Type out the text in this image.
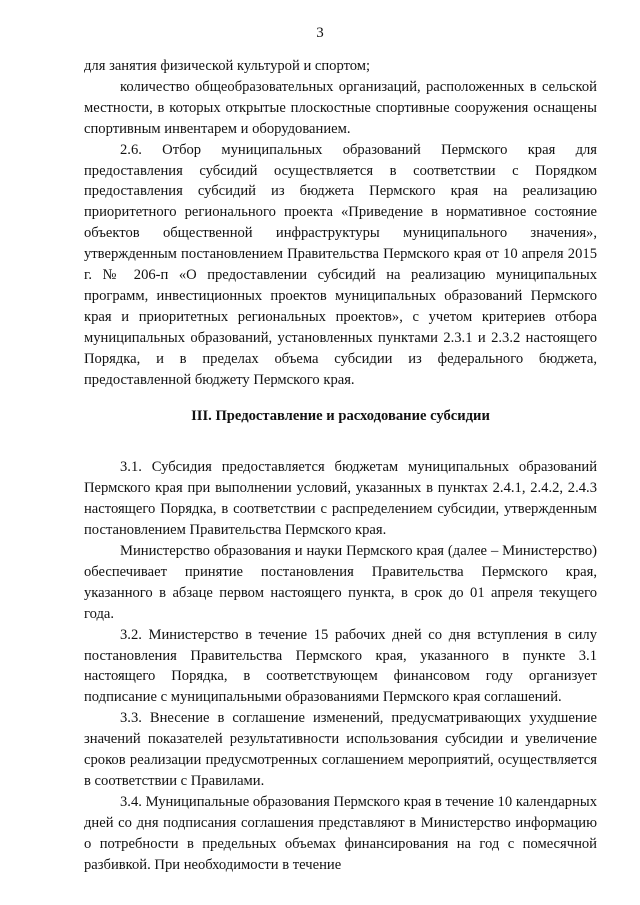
3

для занятия физической культурой и спортом;

количество общеобразовательных организаций, расположенных в сельской местности, в которых открытые плоскостные спортивные сооружения оснащены спортивным инвентарем и оборудованием.

2.6. Отбор муниципальных образований Пермского края для предоставления субсидий осуществляется в соответствии с Порядком предоставления субсидий из бюджета Пермского края на реализацию приоритетного регионального проекта «Приведение в нормативное состояние объектов общественной инфраструктуры муниципального значения», утвержденным постановлением Правительства Пермского края от 10 апреля 2015 г. № 206-п «О предоставлении субсидий на реализацию муниципальных программ, инвестиционных проектов муниципальных образований Пермского края и приоритетных региональных проектов», с учетом критериев отбора муниципальных образований, установленных пунктами 2.3.1 и 2.3.2 настоящего Порядка, и в пределах объема субсидии из федерального бюджета, предоставленной бюджету Пермского края.

III. Предоставление и расходование субсидии

3.1. Субсидия предоставляется бюджетам муниципальных образований Пермского края при выполнении условий, указанных в пунктах 2.4.1, 2.4.2, 2.4.3 настоящего Порядка, в соответствии с распределением субсидии, утвержденным постановлением Правительства Пермского края.

Министерство образования и науки Пермского края (далее – Министерство) обеспечивает принятие постановления Правительства Пермского края, указанного в абзаце первом настоящего пункта, в срок до 01 апреля текущего года.

3.2. Министерство в течение 15 рабочих дней со дня вступления в силу постановления Правительства Пермского края, указанного в пункте 3.1 настоящего Порядка, в соответствующем финансовом году организует подписание с муниципальными образованиями Пермского края соглашений.

3.3. Внесение в соглашение изменений, предусматривающих ухудшение значений показателей результативности использования субсидии и увеличение сроков реализации предусмотренных соглашением мероприятий, осуществляется в соответствии с Правилами.

3.4. Муниципальные образования Пермского края в течение 10 календарных дней со дня подписания соглашения представляют в Министерство информацию о потребности в предельных объемах финансирования на год с помесячной разбивкой. При необходимости в течение
